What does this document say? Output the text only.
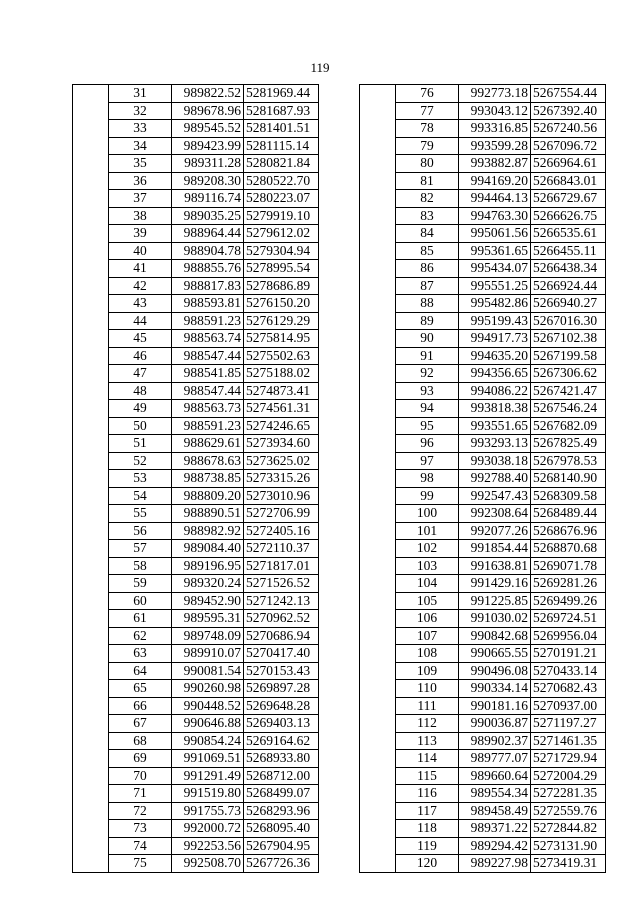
119
	31	989822.52	5281969.44
	32	989678.96	5281687.93
	33	989545.52	5281401.51
	34	989423.99	5281115.14
	35	989311.28	5280821.84
	36	989208.30	5280522.70
	37	989116.74	5280223.07
	38	989035.25	5279919.10
	39	988964.44	5279612.02
	40	988904.78	5279304.94
	41	988855.76	5278995.54
	42	988817.83	5278686.89
	43	988593.81	5276150.20
	44	988591.23	5276129.29
	45	988563.74	5275814.95
	46	988547.44	5275502.63
	47	988541.85	5275188.02
	48	988547.44	5274873.41
	49	988563.73	5274561.31
	50	988591.23	5274246.65
	51	988629.61	5273934.60
	52	988678.63	5273625.02
	53	988738.85	5273315.26
	54	988809.20	5273010.96
	55	988890.51	5272706.99
	56	988982.92	5272405.16
	57	989084.40	5272110.37
	58	989196.95	5271817.01
	59	989320.24	5271526.52
	60	989452.90	5271242.13
	61	989595.31	5270962.52
	62	989748.09	5270686.94
	63	989910.07	5270417.40
	64	990081.54	5270153.43
	65	990260.98	5269897.28
	66	990448.52	5269648.28
	67	990646.88	5269403.13
	68	990854.24	5269164.62
	69	991069.51	5268933.80
	70	991291.49	5268712.00
	71	991519.80	5268499.07
	72	991755.73	5268293.96
	73	992000.72	5268095.40
	74	992253.56	5267904.95
	75	992508.70	5267726.36
	76	992773.18	5267554.44
	77	993043.12	5267392.40
	78	993316.85	5267240.56
	79	993599.28	5267096.72
	80	993882.87	5266964.61
	81	994169.20	5266843.01
	82	994464.13	5266729.67
	83	994763.30	5266626.75
	84	995061.56	5266535.61
	85	995361.65	5266455.11
	86	995434.07	5266438.34
	87	995551.25	5266924.44
	88	995482.86	5266940.27
	89	995199.43	5267016.30
	90	994917.73	5267102.38
	91	994635.20	5267199.58
	92	994356.65	5267306.62
	93	994086.22	5267421.47
	94	993818.38	5267546.24
	95	993551.65	5267682.09
	96	993293.13	5267825.49
	97	993038.18	5267978.53
	98	992788.40	5268140.90
	99	992547.43	5268309.58
	100	992308.64	5268489.44
	101	992077.26	5268676.96
	102	991854.44	5268870.68
	103	991638.81	5269071.78
	104	991429.16	5269281.26
	105	991225.85	5269499.26
	106	991030.02	5269724.51
	107	990842.68	5269956.04
	108	990665.55	5270191.21
	109	990496.08	5270433.14
	110	990334.14	5270682.43
	111	990181.16	5270937.00
	112	990036.87	5271197.27
	113	989902.37	5271461.35
	114	989777.07	5271729.94
	115	989660.64	5272004.29
	116	989554.34	5272281.35
	117	989458.49	5272559.76
	118	989371.22	5272844.82
	119	989294.42	5273131.90
	120	989227.98	5273419.31
